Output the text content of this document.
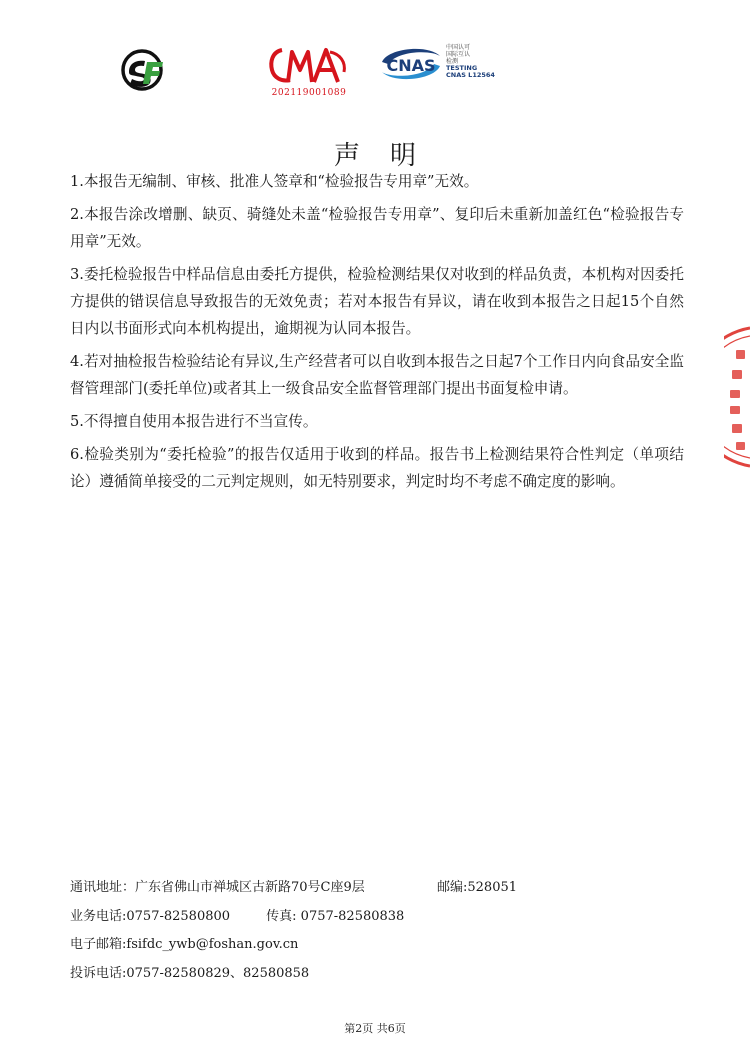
202119001089
CNAS
中国认可
国际互认
检测
TESTING
CNAS L12564
声明

1.本报告无编制、审核、批准人签章和“检验报告专用章”无效。

2.本报告涂改增删、缺页、骑缝处未盖“检验报告专用章”、复印后未重新加盖红色“检验报告专用章”无效。

3.委托检验报告中样品信息由委托方提供，检验检测结果仅对收到的样品负责，本机构对因委托方提供的错误信息导致报告的无效免责；若对本报告有异议，请在收到本报告之日起15个自然日内以书面形式向本机构提出，逾期视为认同本报告。

4.若对抽检报告检验结论有异议,生产经营者可以自收到本报告之日起7个工作日内向食品安全监督管理部门(委托单位)或者其上一级食品安全监督管理部门提出书面复检申请。

5.不得擅自使用本报告进行不当宣传。

6.检验类别为“委托检验”的报告仅适用于收到的样品。报告书上检测结果符合性判定（单项结论）遵循简单接受的二元判定规则，如无特别要求，判定时均不考虑不确定度的影响。

通讯地址：广东省佛山市禅城区古新路70号C座9层	邮编:528051
业务电话:0757-82580800	传真: 0757-82580838
电子邮箱:fsifdc_ywb@foshan.gov.cn
投诉电话:0757-82580829、82580858
第2页 共6页
